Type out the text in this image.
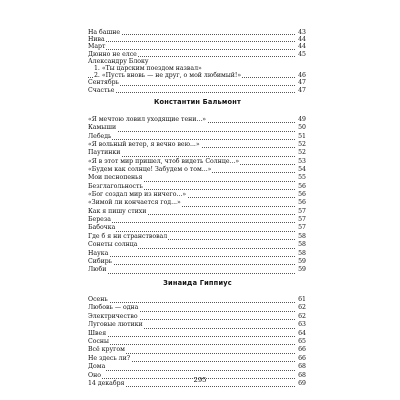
На башне	43
Нива	44
Март	44
Дюнно не елсе	45
Александру Блоку
1. «Ты царским поездом назвал»
2. «Пусть вновь — не друг, о мой любимый!»	46
Сентябрь	47
Счастье	47
Константин Бальмонт
«Я мечтою ловил уходящие тени...»	49
Камыши	50
Лебедь	51
«Я вольный ветер, я вечно вею...»	52
Паутинки	52
«Я в этот мир пришел, чтоб видеть Солнце...»	53
«Будем как солнце! Забудем о том...»	54
Мои песнопенья	55
Безглагольность	56
«Бог создал мир из ничего...»	56
«Зимой ли кончается год...»	56
Как я пишу стихи	57
Береза	57
Бабочка	57
Где б я ни странствовал	58
Сонеты солнца	58
Наука	58
Сибирь	59
Люби	59
Зинаида Гиппиус
Осень	61
Любовь — одна	62
Электричество	62
Луговые лютики	63
Швея	64
Сосны	65
Всё кругом	66
Не здесь ли?	66
Дома	68
Оно	68
14 декабря	69
295
